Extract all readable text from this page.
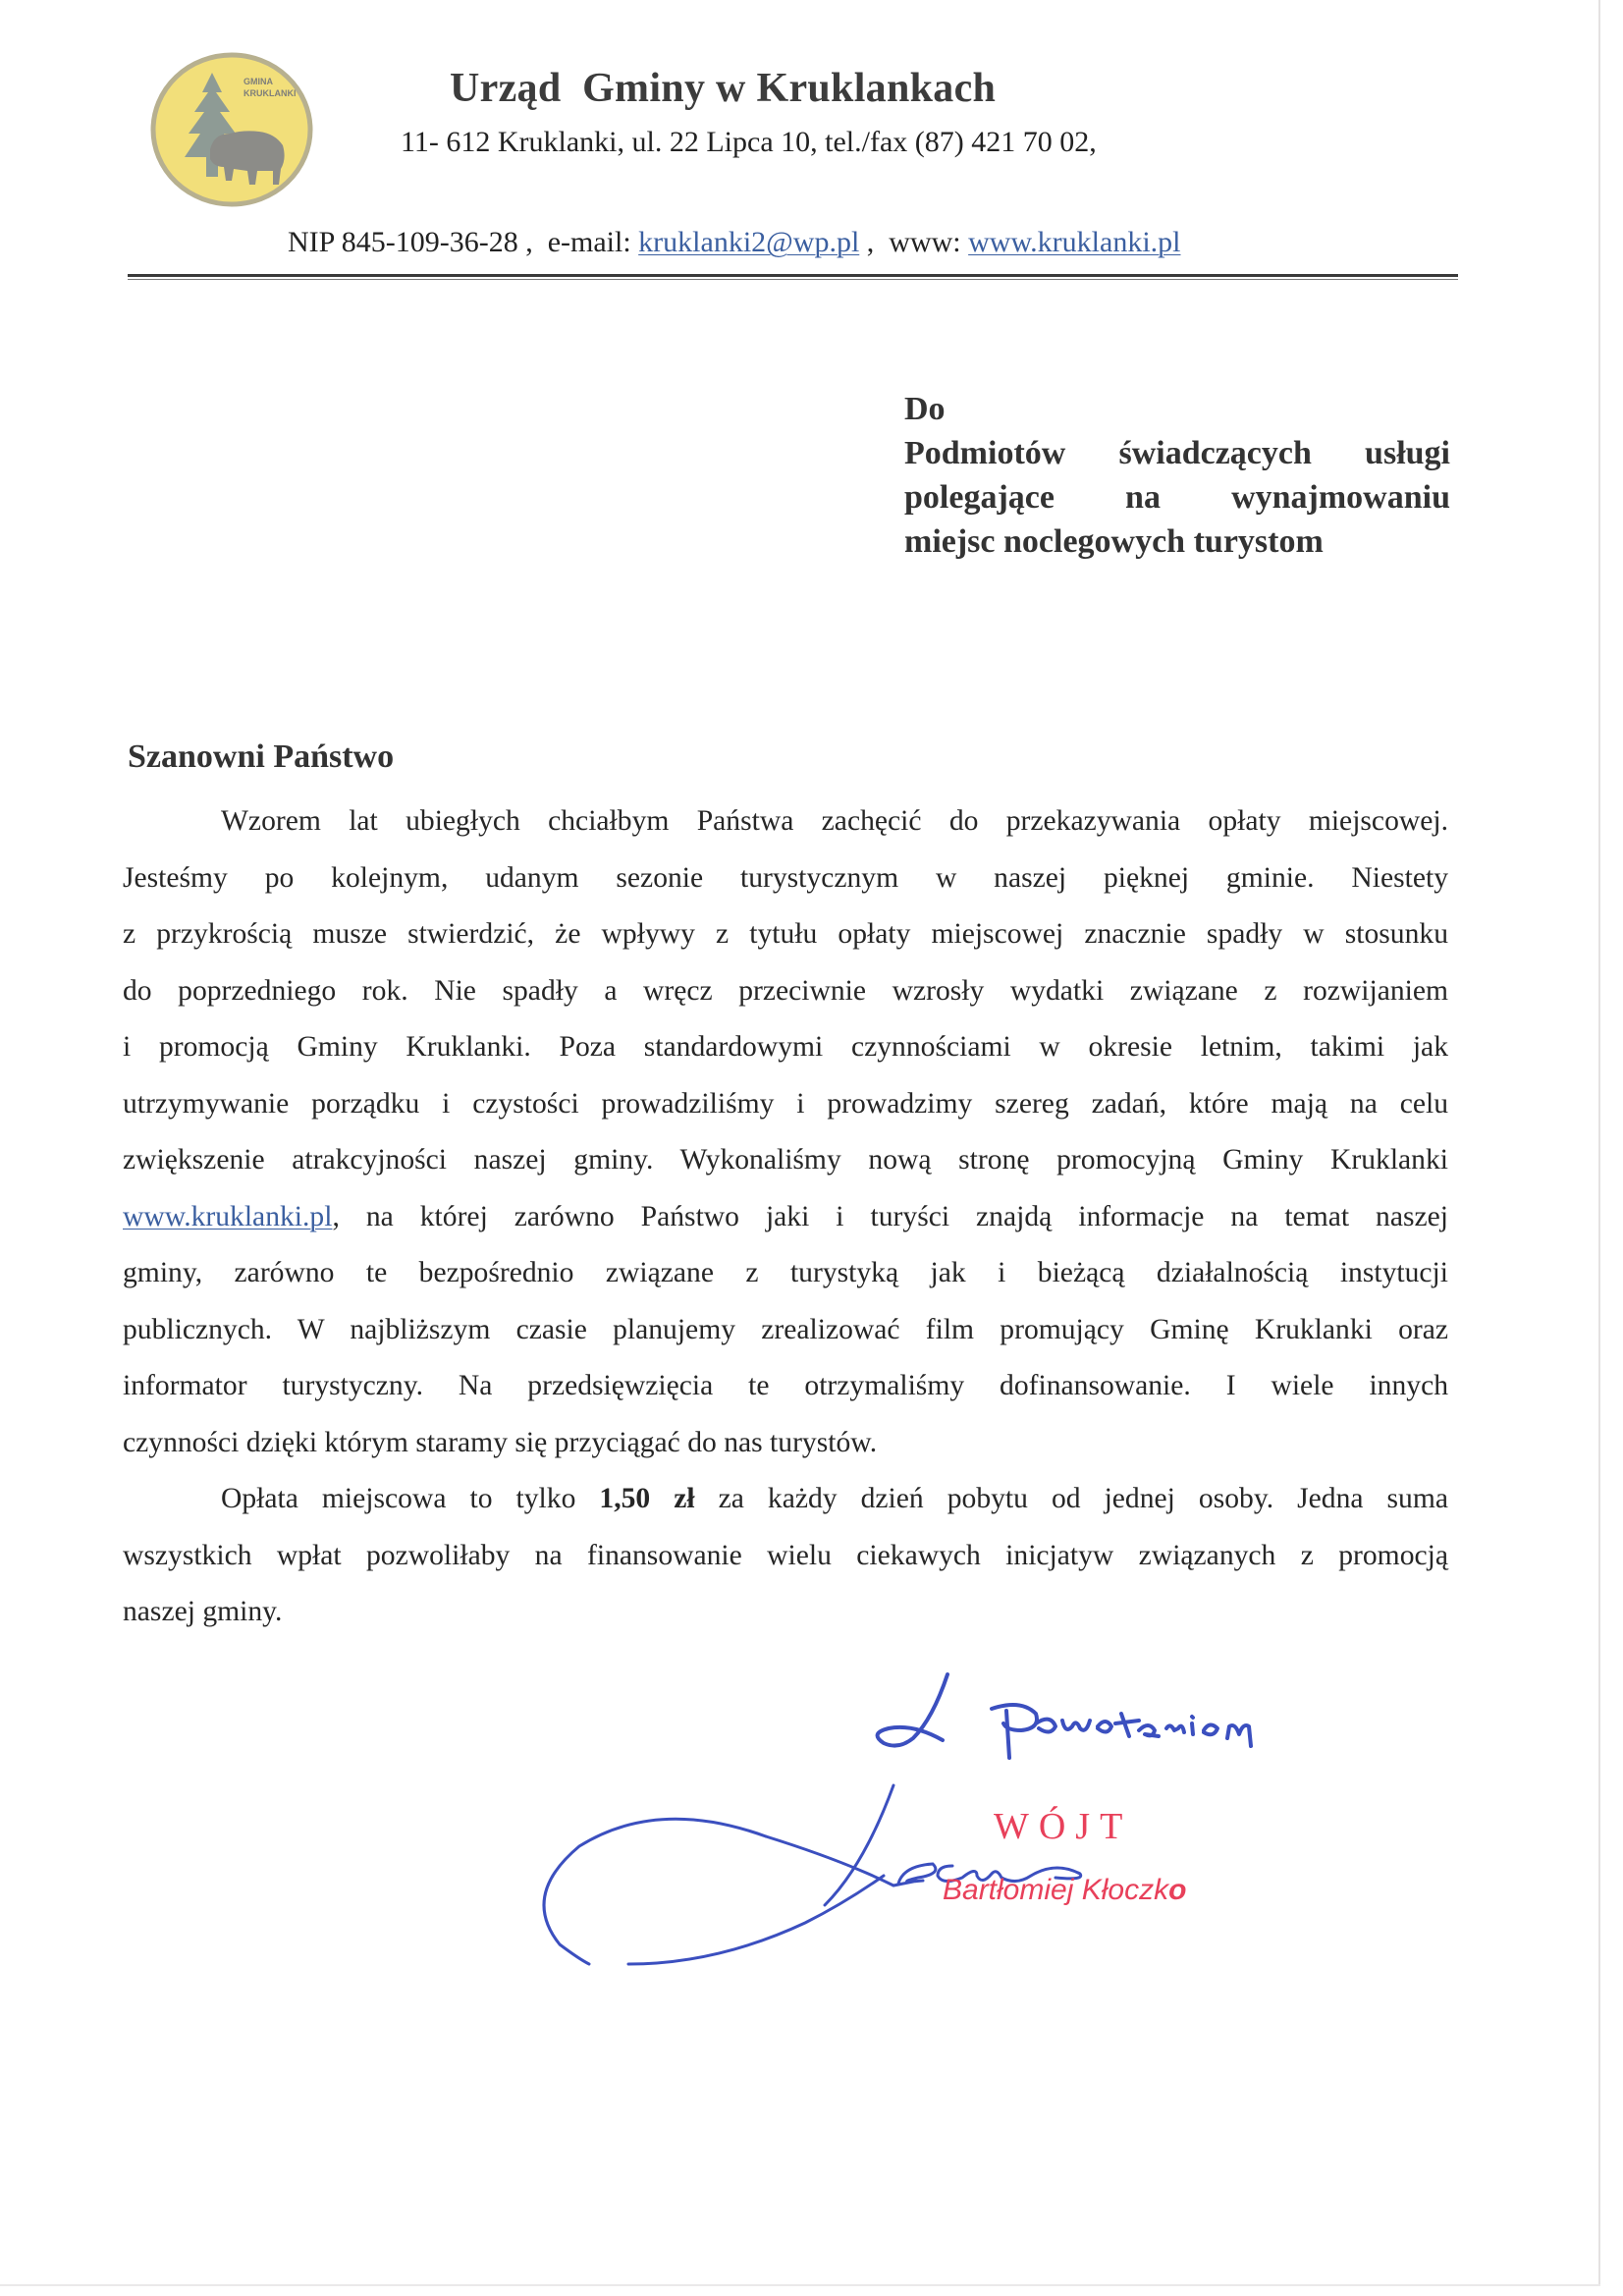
GMINA
KRUKLANKI	Urząd  Gminy w Kruklankach
11- 612 Kruklanki, ul. 22 Lipca 10, tel./fax (87) 421 70 02,
NIP 845-109-36-28 ,  e-mail: kruklanki2@wp.pl ,  www: www.kruklanki.pl
Do
Podmiotów świadczących usługi
polegające na wynajmowaniu
miejsc noclegowych turystom
Szanowni Państwo
Wzorem lat ubiegłych chciałbym Państwa zachęcić do przekazywania opłaty miejscowej.
Jesteśmy po kolejnym, udanym sezonie turystycznym w naszej pięknej gminie. Niestety
z przykrością musze stwierdzić, że wpływy z tytułu opłaty miejscowej znacznie spadły w stosunku
do poprzedniego rok. Nie spadły a wręcz przeciwnie wzrosły wydatki związane z rozwijaniem
i promocją Gminy Kruklanki. Poza standardowymi czynnościami w okresie letnim, takimi jak
utrzymywanie porządku i czystości prowadziliśmy i prowadzimy szereg zadań, które mają na celu
zwiększenie atrakcyjności naszej gminy. Wykonaliśmy nową stronę promocyjną Gminy Kruklanki
www.kruklanki.pl, na której zarówno Państwo jaki i turyści znajdą informacje na temat naszej
gminy, zarówno te bezpośrednio związane z turystyką jak i bieżącą działalnością instytucji
publicznych. W najbliższym czasie planujemy zrealizować film promujący Gminę Kruklanki oraz
informator turystyczny. Na przedsięwzięcia te otrzymaliśmy dofinansowanie. I wiele innych
czynności dzięki którym staramy się przyciągać do nas turystów.
Opłata miejscowa to tylko 1,50 zł za każdy dzień pobytu od jednej osoby. Jedna suma
wszystkich wpłat pozwoliłaby na finansowanie wielu ciekawych inicjatyw związanych z promocją
naszej gminy.
WÓJT
Bartłomiej Kłoczko
